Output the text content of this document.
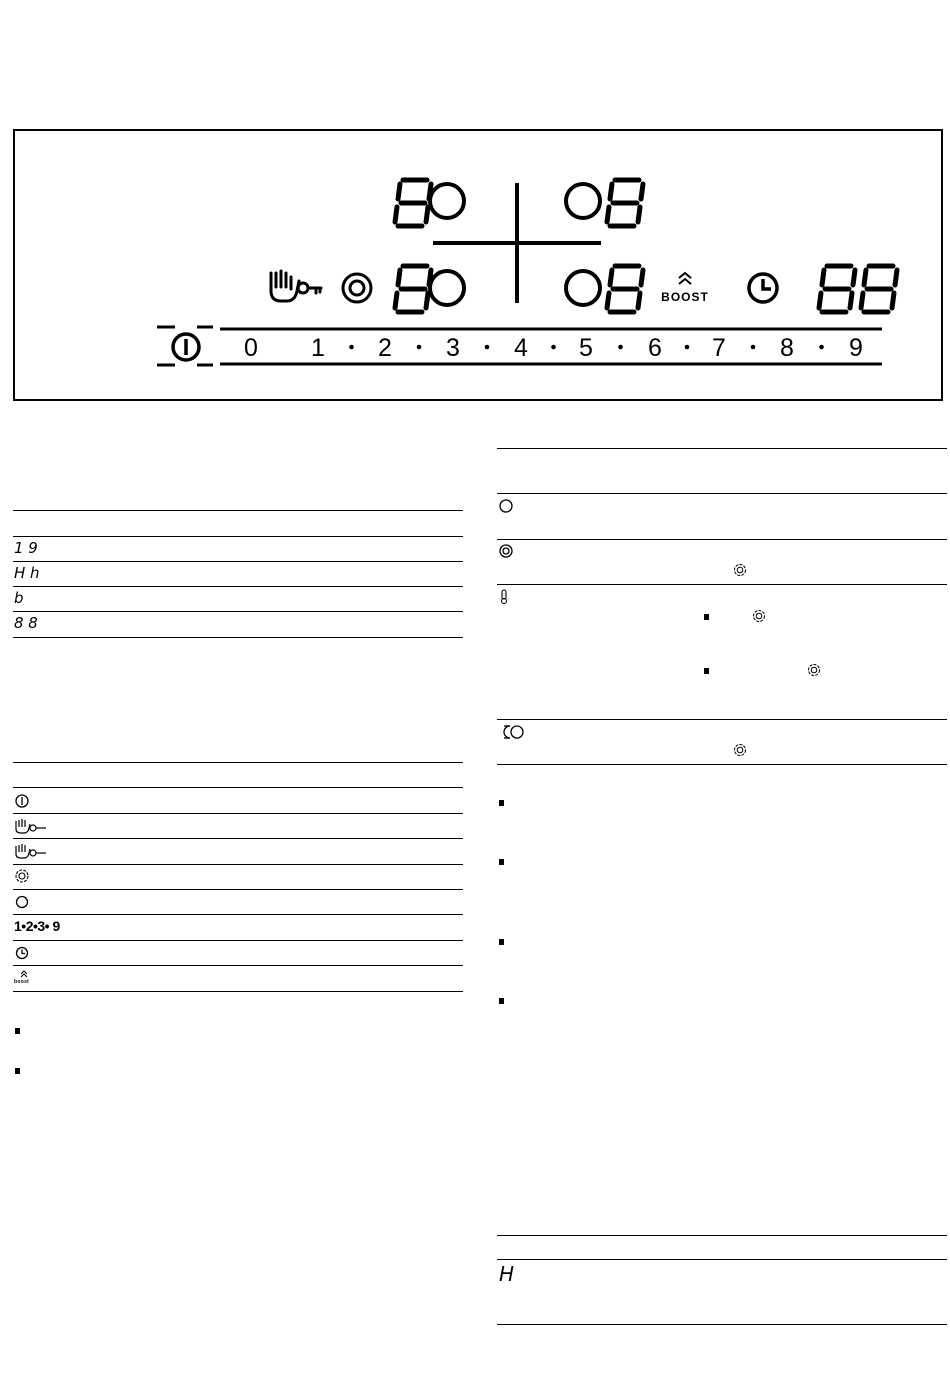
BOOST
0 1 2 3 4 5 6 7 8 9
1 9
H h
b
8 8
1•2•3• 9
boost
H
